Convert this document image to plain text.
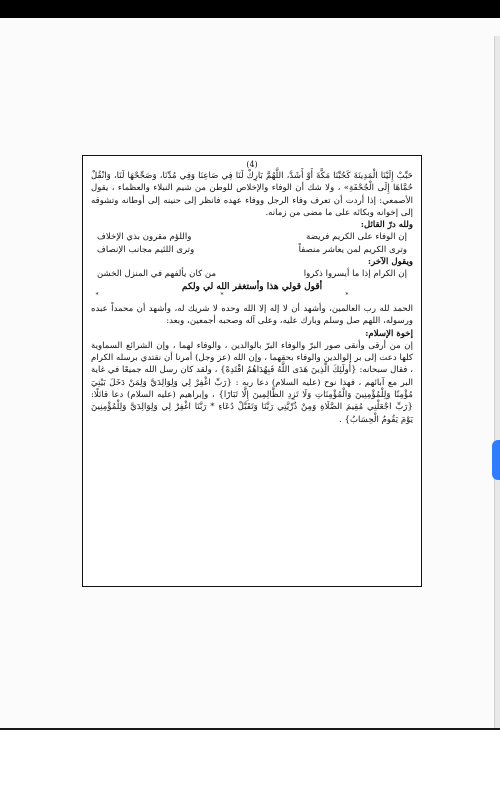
(4)

حَبِّبْ إِلَيْنَا الْمَدِينَةَ كَحُبِّنَا مَكَّةَ أَوْ أَشَدَّ، اللَّهُمَّ بَارِكْ لَنَا فِي صَاعِنَا وَفِي مُدِّنَا، وَصَحِّحْهَا لَنَا، وَانْقُلْ حُمَّاهَا إِلَى الْجُحْفَةِ» ، ولا شك أن الوفاء والإخلاص للوطن من شيم النبلاء والعظماء ، يقول الأصمعي: إذا أردت أن تعرف وفاء الرجل ووفاء عهده فانظر إلى حنينه إلى أوطانه وتشوقه إلى إخوانه وبكائه على ما مضى من زمانه.

ولله درّ القائل:

إن الوفاء على الكريم فريضة
واللؤم مقرون بذي الإخلاف
وترى الكريم لمن يعاشر منصفاً
وترى اللئيم مجانب الإنصاف

ويقول الآخر:

إن الكرام إذا ما أيسروا ذكروا
من كان يألفهم في المنزل الخشن
أقول قولي هذا وأستغفر الله لي ولكم
* * *

الحمد لله رب العالمين، وأشهد أن لا إله إلا الله وحده لا شريك له، وأشهد أن محمداً عبده ورسوله، اللهم صل وسلم وبارك عليه، وعلى آله وصحبه أجمعين، وبعد:

إخوة الإسلام:

إن من أرقى وأنقى صور البرّ والوفاء البرّ بالوالدين ، والوفاء لهما ، وإن الشرائع السماوية كلها دعت إلى بر الوالدين والوفاء بحقهما ، وإن الله (عز وجل) أمرنا أن نقتدي برسله الكرام ، فقال سبحانه: {أُولَئِكَ الَّذِينَ هَدَى اللَّهُ فَبِهُدَاهُمُ اقْتَدِهْ} ، ولقد كان رسل الله جميعًا في غاية البر مع آبائهم ، فهذا نوح (عليه السلام) دعا ربه : {رَبِّ اغْفِرْ لِي وَلِوَالِدَيَّ وَلِمَنْ دَخَلَ بَيْتِيَ مُؤْمِنًا وَلِلْمُؤْمِنِينَ وَالْمُؤْمِنَاتِ وَلَا تَزِدِ الظَّالِمِينَ إِلَّا تَبَارًا} ، وإبراهيم (عليه السلام) دعا قائلًا: {رَبِّ اجْعَلْنِي مُقِيمَ الصَّلَاةِ وَمِنْ ذُرِّيَّتِي رَبَّنَا وَتَقَبَّلْ دُعَاءِ * رَبَّنَا اغْفِرْ لِي وَلِوَالِدَيَّ وَلِلْمُؤْمِنِينَ يَوْمَ يَقُومُ الْحِسَابُ} .
